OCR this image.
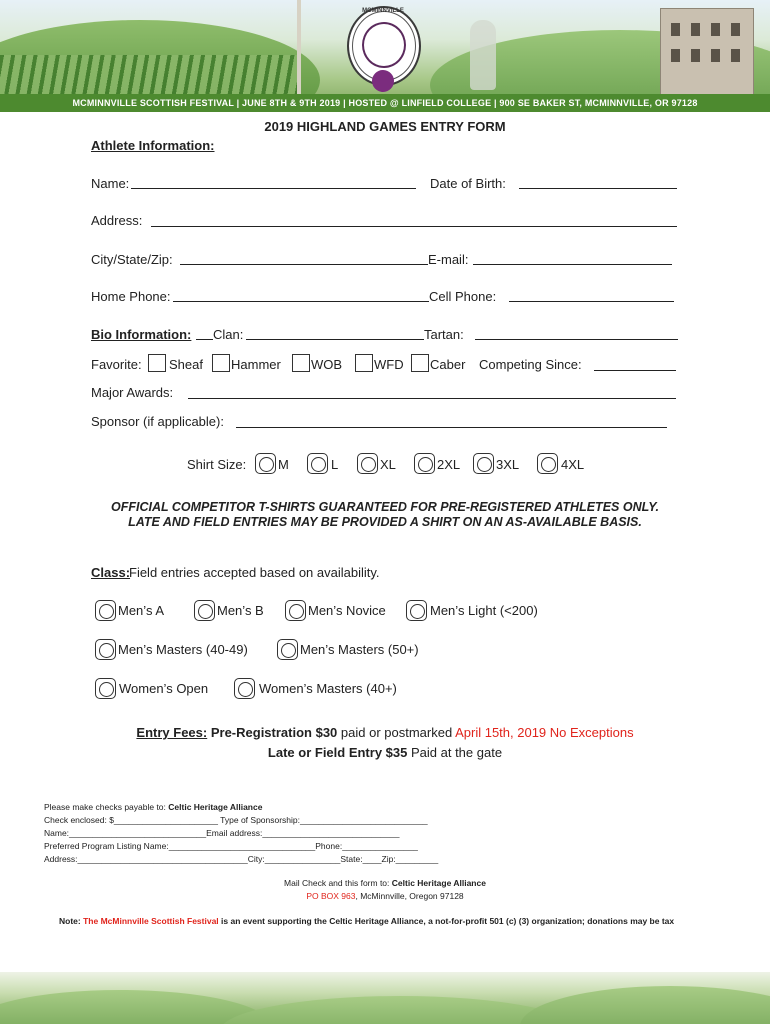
MCMINNVILLE
MCMINNVILLE SCOTTISH FESTIVAL | JUNE 8TH & 9TH 2019 | HOSTED @ LINFIELD COLLEGE | 900 SE BAKER ST, MCMINNVILLE, OR 97128
2019 HIGHLAND GAMES ENTRY FORM
Athlete Information:
Name:	Date of Birth:
Address:
City/State/Zip:	E-mail:
Home Phone:	Cell Phone:
Bio Information: Clan:	Tartan:
Favorite: Sheaf Hammer WOB WFD Caber Competing Since:
Major Awards:
Sponsor (if applicable):
Shirt Size: M	L	XL	2XL	3XL	4XL
OFFICIAL COMPETITOR T-SHIRTS GUARANTEED FOR PRE-REGISTERED ATHLETES ONLY.
LATE AND FIELD ENTRIES MAY BE PROVIDED A SHIRT ON AN AS-AVAILABLE BASIS.
Class:
Field entries accepted based on availability.
Men’s A	Men’s B	Men’s Novice	Men’s Light (<200)
Men’s Masters (40-49)	Men’s Masters (50+)
Women’s Open	Women’s Masters (40+)
Entry Fees: Pre-Registration $30 paid or postmarked April 15th, 2019 No Exceptions
Late or Field Entry $35 Paid at the gate
Please make checks payable to: Celtic Heritage Alliance
Check enclosed: $______________________ Type of Sponsorship:___________________________
Name:_____________________________Email address:_____________________________
Preferred Program Listing Name:_______________________________Phone:________________
Address:____________________________________City:________________State:____Zip:_________
Mail Check and this form to: Celtic Heritage Alliance
PO BOX 963, McMinnville, Oregon 97128
Note: The McMinnville Scottish Festival is an event supporting the Celtic Heritage Alliance, a not-for-profit 501 (c) (3) organization; donations may be tax
